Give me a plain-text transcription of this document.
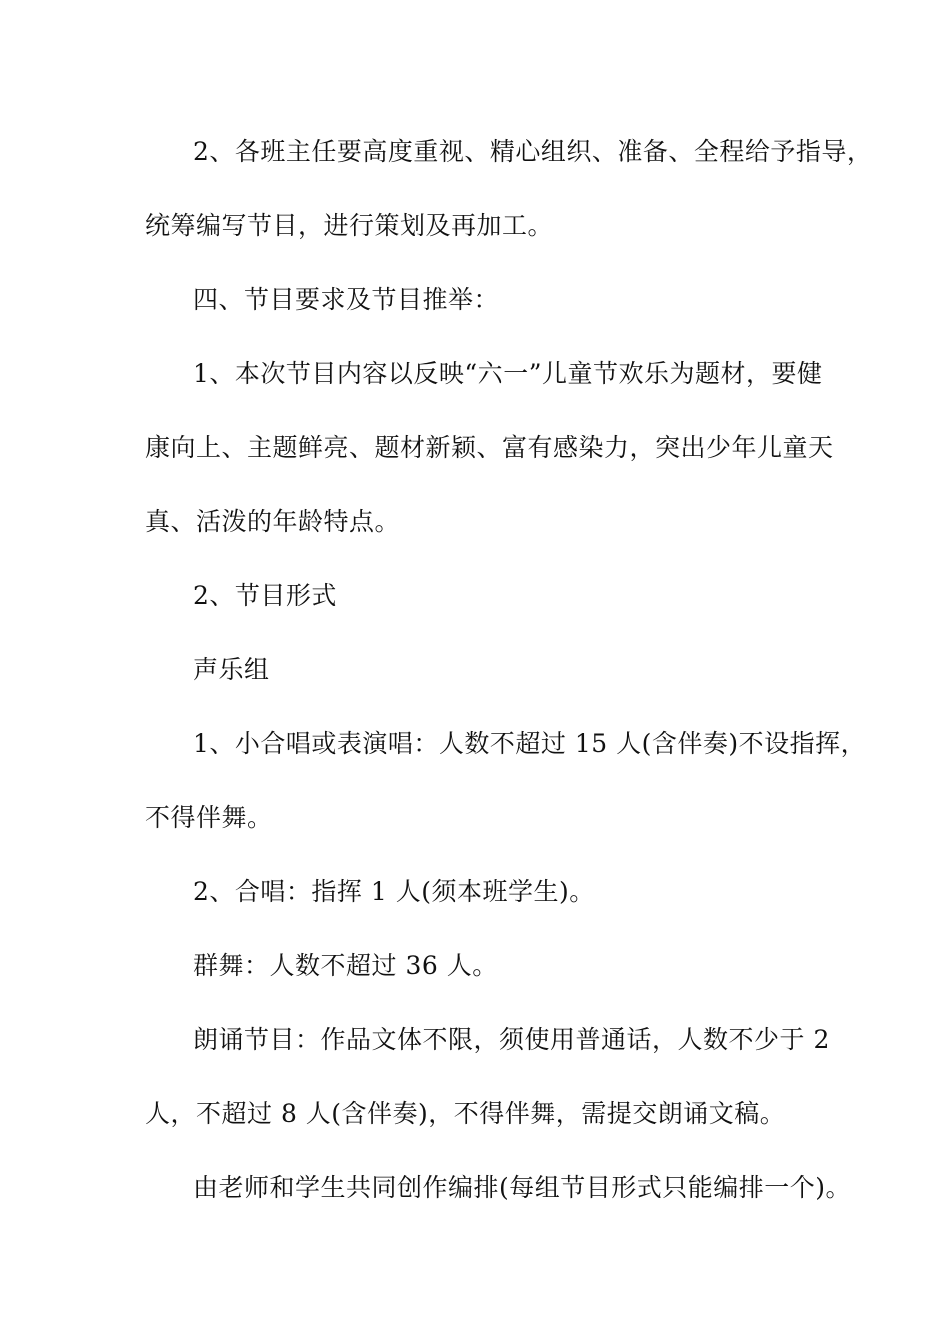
2、各班主任要高度重视、精心组织、准备、全程给予指导，
统筹编写节目，进行策划及再加工。
四、节目要求及节目推举：
1、本次节目内容以反映“六一”儿童节欢乐为题材，要健
康向上、主题鲜亮、题材新颖、富有感染力，突出少年儿童天
真、活泼的年龄特点。
2、节目形式
声乐组
1、小合唱或表演唱：人数不超过 15 人(含伴奏)不设指挥，
不得伴舞。
2、合唱：指挥 1 人(须本班学生)。
群舞：人数不超过 36 人。
朗诵节目：作品文体不限，须使用普通话，人数不少于 2
人，不超过 8 人(含伴奏)，不得伴舞，需提交朗诵文稿。
由老师和学生共同创作编排(每组节目形式只能编排一个)。
